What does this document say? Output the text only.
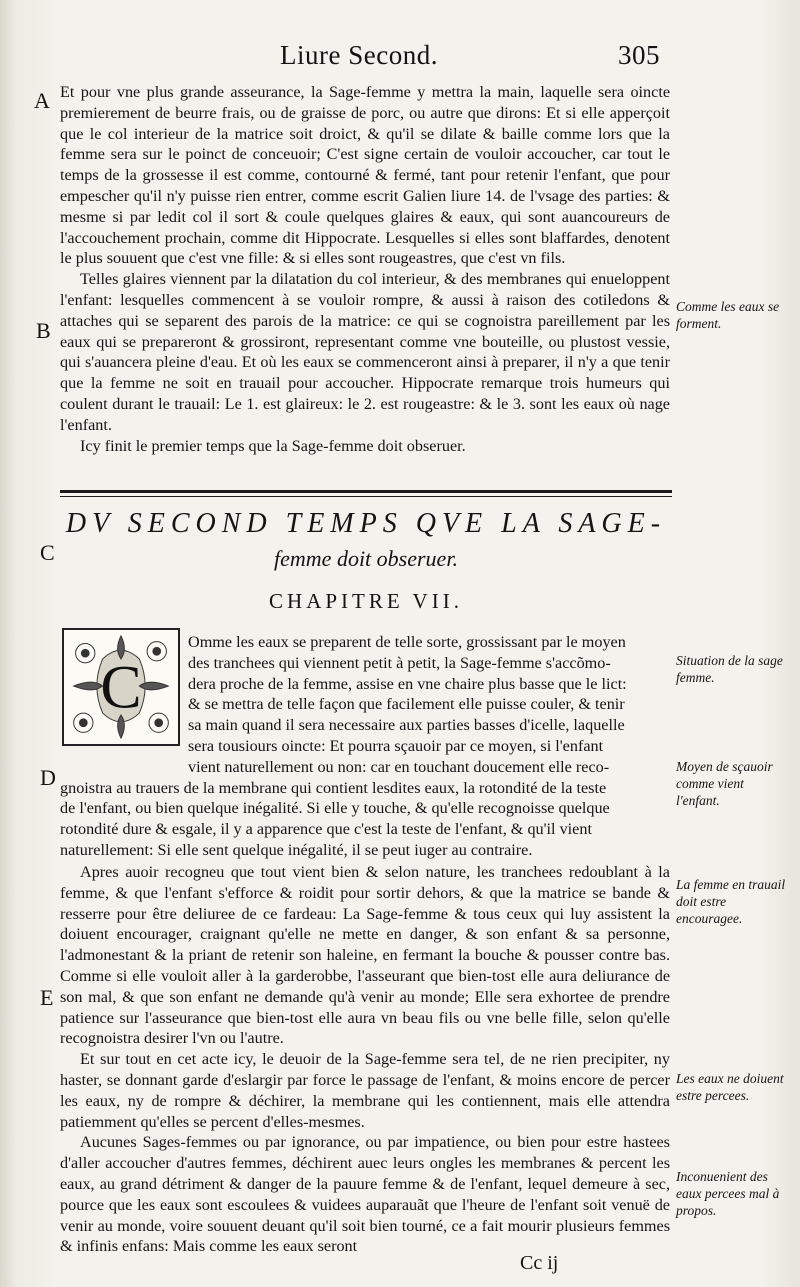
Liure Second.	305
A
B
C
D
E

Et pour vne plus grande asseurance, la Sage-femme y mettra la main, laquelle sera oincte premierement de beurre frais, ou de graisse de porc, ou autre que dirons: Et si elle apperçoit que le col interieur de la matrice soit droict, & qu'il se dilate & baille comme lors que la femme sera sur le poinct de conceuoir; C'est signe certain de vouloir accoucher, car tout le temps de la grossesse il est comme, contourné & fermé, tant pour retenir l'enfant, que pour empescher qu'il n'y puisse rien entrer, comme escrit Galien liure 14. de l'vsage des parties: & mesme si par ledit col il sort & coule quelques glaires & eaux, qui sont auancoureurs de l'accouchement prochain, comme dit Hippocrate. Lesquelles si elles sont blaffardes, denotent le plus souuent que c'est vne fille: & si elles sont rougeastres, que c'est vn fils.

Telles glaires viennent par la dilatation du col interieur, & des membranes qui enueloppent l'enfant: lesquelles commencent à se vouloir rompre, & aussi à raison des cotiledons & attaches qui se separent des parois de la matrice: ce qui se cognoistra pareillement par les eaux qui se prepareront & grossiront, representant comme vne bouteille, ou plustost vessie, qui s'auancera pleine d'eau. Et où les eaux se commenceront ainsi à preparer, il n'y a que tenir que la femme ne soit en trauail pour accoucher. Hippocrate remarque trois humeurs qui coulent durant le trauail: Le 1. est glaireux: le 2. est rougeastre: & le 3. sont les eaux où nage l'enfant.

Icy finit le premier temps que la Sage-femme doit obseruer.

DV SECOND TEMPS QVE LA SAGE-
femme doit obseruer.
CHAPITRE VII.
C
Omme les eaux se preparent de telle sorte, grossissant par le moyen
des tranchees qui viennent petit à petit, la Sage-femme s'accõmo-
dera proche de la femme, assise en vne chaire plus basse que le lict:
& se mettra de telle façon que facilement elle puisse couler, & tenir
sa main quand il sera necessaire aux parties basses d'icelle, laquelle
sera tousiours oincte: Et pourra sçauoir par ce moyen, si l'enfant
vient naturellement ou non: car en touchant doucement elle reco-
gnoistra au trauers de la membrane qui contient lesdites eaux, la rotondité de la teste
de l'enfant, ou bien quelque inégalité. Si elle y touche, & qu'elle recognoisse quelque
rotondité dure & esgale, il y a apparence que c'est la teste de l'enfant, & qu'il vient
naturellement: Si elle sent quelque inégalité, il se peut iuger au contraire.

Apres auoir recogneu que tout vient bien & selon nature, les tranchees redoublant à la femme, & que l'enfant s'efforce & roidit pour sortir dehors, & que la matrice se bande & resserre pour être deliuree de ce fardeau: La Sage-femme & tous ceux qui luy assistent la doiuent encourager, craignant qu'elle ne mette en danger, & son enfant & sa personne, l'admonestant & la priant de retenir son haleine, en fermant la bouche & pousser contre bas. Comme si elle vouloit aller à la garderobbe, l'asseurant que bien-tost elle aura deliurance de son mal, & que son enfant ne demande qu'à venir au monde; Elle sera exhortee de prendre patience sur l'asseurance que bien-tost elle aura vn beau fils ou vne belle fille, selon qu'elle recognoistra desirer l'vn ou l'autre.

Et sur tout en cet acte icy, le deuoir de la Sage-femme sera tel, de ne rien precipiter, ny haster, se donnant garde d'eslargir par force le passage de l'enfant, & moins encore de percer les eaux, ny de rompre & déchirer, la membrane qui les contiennent, mais elle attendra patiemment qu'elles se percent d'elles-mesmes.

Aucunes Sages-femmes ou par ignorance, ou par impatience, ou bien pour estre hastees d'aller accoucher d'autres femmes, déchirent auec leurs ongles les membranes & percent les eaux, au grand détriment & danger de la pauure femme & de l'enfant, lequel demeure à sec, pource que les eaux sont escoulees & vuidees auparauãt que l'heure de l'enfant soit venuë de venir au monde, voire souuent deuant qu'il soit bien tourné, ce a fait mourir plusieurs femmes & infinis enfans: Mais comme les eaux seront

Comme les eaux se forment.
Situation de la sage femme.
Moyen de sçauoir comme vient l'enfant.
La femme en trauail doit estre encouragee.
Les eaux ne doiuent estre percees.
Inconuenient des eaux percees mal à propos.
Cc ij
